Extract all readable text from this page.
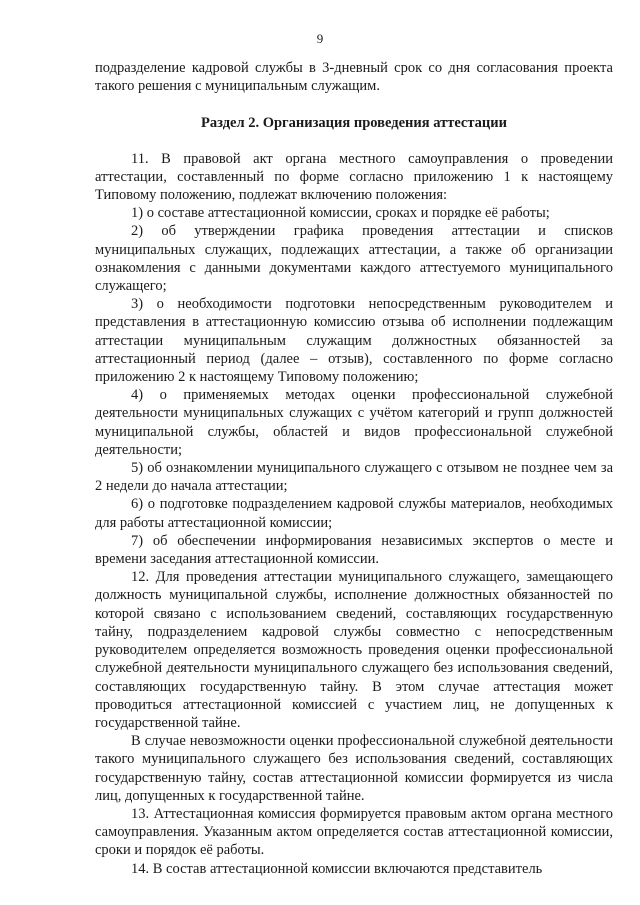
9

подразделение кадровой службы в 3-дневный срок со дня согласования проекта такого решения с муниципальным служащим.

Раздел 2. Организация проведения аттестации

11. В правовой акт органа местного самоуправления о проведении аттестации, составленный по форме согласно приложению 1 к настоящему Типовому положению, подлежат включению положения:

1) о составе аттестационной комиссии, сроках и порядке её работы;

2) об утверждении графика проведения аттестации и списков муниципальных служащих, подлежащих аттестации, а также об организации ознакомления с данными документами каждого аттестуемого муниципального служащего;

3) о необходимости подготовки непосредственным руководителем и представления в аттестационную комиссию отзыва об исполнении подлежащим аттестации муниципальным служащим должностных обязанностей за аттестационный период (далее – отзыв), составленного по форме согласно приложению 2 к настоящему Типовому положению;

4) о применяемых методах оценки профессиональной служебной деятельности муниципальных служащих с учётом категорий и групп должностей муниципальной службы, областей и видов профессиональной служебной деятельности;

5) об ознакомлении муниципального служащего с отзывом не позднее чем за 2 недели до начала аттестации;

6) о подготовке подразделением кадровой службы материалов, необходимых для работы аттестационной комиссии;

7) об обеспечении информирования независимых экспертов о месте и времени заседания аттестационной комиссии.

12. Для проведения аттестации муниципального служащего, замещающего должность муниципальной службы, исполнение должностных обязанностей по которой связано с использованием сведений, составляющих государственную тайну, подразделением кадровой службы совместно с непосредственным руководителем определяется возможность проведения оценки профессиональной служебной деятельности муниципального служащего без использования сведений, составляющих государственную тайну. В этом случае аттестация может проводиться аттестационной комиссией с участием лиц, не допущенных к государственной тайне.

В случае невозможности оценки профессиональной служебной деятельности такого муниципального служащего без использования сведений, составляющих государственную тайну, состав аттестационной комиссии формируется из числа лиц, допущенных к государственной тайне.

13. Аттестационная комиссия формируется правовым актом органа местного самоуправления. Указанным актом определяется состав аттестационной комиссии, сроки и порядок её работы.

14. В состав аттестационной комиссии включаются представитель
